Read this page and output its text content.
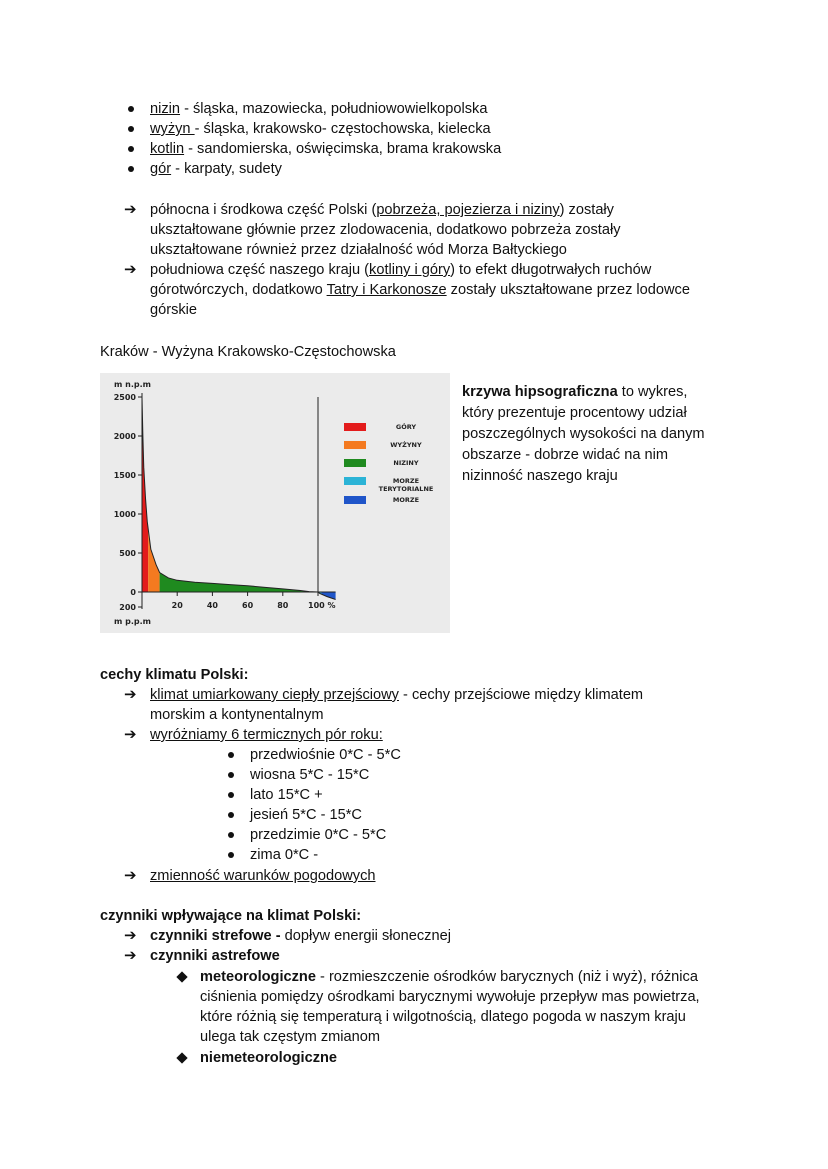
nizin - śląska, mazowiecka, południowowielkopolska
wyżyn - śląska, krakowsko- częstochowska, kielecka
kotlin - sandomierska, oświęcimska, brama krakowska
gór - karpaty, sudety
➔ północna i środkowa część Polski (pobrzeża, pojezierza i niziny) zostały
ukształtowane głównie przez zlodowacenia, dodatkowo pobrzeża zostały
ukształtowane również przez działalność wód Morza Bałtyckiego
➔ południowa część naszego kraju (kotliny i góry) to efekt długotrwałych ruchów
górotwórczych, dodatkowo Tatry i Karkonosze zostały ukształtowane przez lodowce
górskie
Kraków - Wyżyna Krakowsko-Częstochowska
2500
2000
1500
1000
500
0
200
m n.p.m
m p.p.m
20	40	60	80 100 %
GÓRY
WYŻYNY
NIZINY
MORZE
TERYTORIALNE
MORZE
krzywa hipsograficzna to wykres,
który prezentuje procentowy udział
poszczególnych wysokości na danym
obszarze - dobrze widać na nim
nizinność naszego kraju
cechy klimatu Polski:
➔ klimat umiarkowany ciepły przejściowy - cechy przejściowe między klimatem
morskim a kontynentalnym
➔ wyróżniamy 6 termicznych pór roku:
przedwiośnie 0*C - 5*C
wiosna 5*C - 15*C
lato 15*C +
jesień 5*C - 15*C
przedzimie 0*C - 5*C
zima 0*C -
➔ zmienność warunków pogodowych
czynniki wpływające na klimat Polski:
➔ czynniki strefowe - dopływ energii słonecznej
➔ czynniki astrefowe
meteorologiczne - rozmieszczenie ośrodków barycznych (niż i wyż), różnica
ciśnienia pomiędzy ośrodkami barycznymi wywołuje przepływ mas powietrza,
które różnią się temperaturą i wilgotnością, dlatego pogoda w naszym kraju
ulega tak częstym zmianom
niemeteorologiczne
